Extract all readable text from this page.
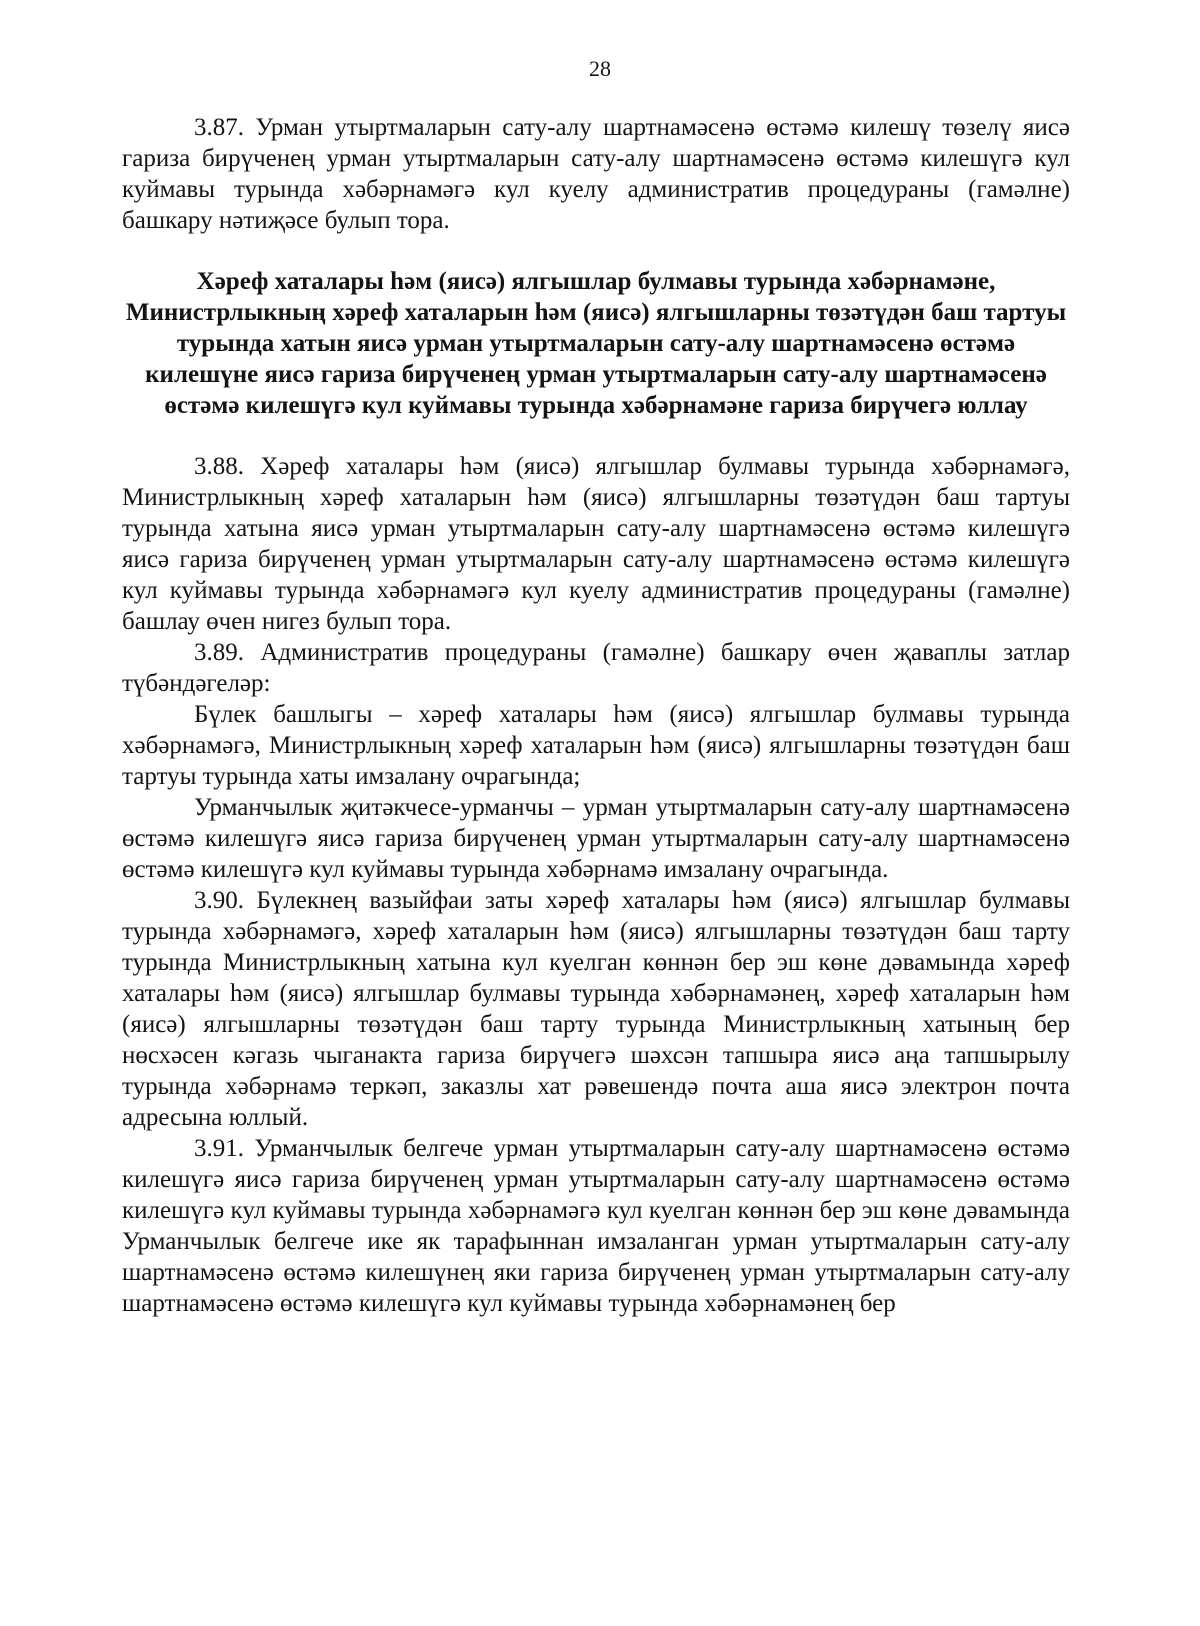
28

3.87. Урман утыртмаларын сату-алу шартнамәсенә өстәмә килешү төзелү яисә гариза бирүченең урман утыртмаларын сату-алу шартнамәсенә өстәмә килешүгә кул куймавы турында хәбәрнамәгә кул куелу административ процедураны (гамәлне) башкару нәтиҗәсе булып тора.

Хәреф хаталары һәм (яисә) ялгышлар булмавы турында хәбәрнамәне, Министрлыкның хәреф хаталарын һәм (яисә) ялгышларны төзәтүдән баш тартуы турында хатын яисә урман утыртмаларын сату-алу шартнамәсенә өстәмә килешүне яисә гариза бирүченең урман утыртмаларын сату-алу шартнамәсенә өстәмә килешүгә кул куймавы турында хәбәрнамәне гариза бирүчегә юллау

3.88. Хәреф хаталары һәм (яисә) ялгышлар булмавы турында хәбәрнамәгә, Министрлыкның хәреф хаталарын һәм (яисә) ялгышларны төзәтүдән баш тартуы турында хатына яисә урман утыртмаларын сату-алу шартнамәсенә өстәмә килешүгә яисә гариза бирүченең урман утыртмаларын сату-алу шартнамәсенә өстәмә килешүгә кул куймавы турында хәбәрнамәгә кул куелу административ процедураны (гамәлне) башлау өчен нигез булып тора.

3.89. Административ процедураны (гамәлне) башкару өчен җаваплы затлар түбәндәгеләр:

Бүлек башлыгы – хәреф хаталары һәм (яисә) ялгышлар булмавы турында хәбәрнамәгә, Министрлыкның хәреф хаталарын һәм (яисә) ялгышларны төзәтүдән баш тартуы турында хаты имзалану очрагында;

Урманчылык җитәкчесе-урманчы – урман утыртмаларын сату-алу шартнамәсенә өстәмә килешүгә яисә гариза бирүченең урман утыртмаларын сату-алу шартнамәсенә өстәмә килешүгә кул куймавы турында хәбәрнамә имзалану очрагында.

3.90. Бүлекнең вазыйфаи заты хәреф хаталары һәм (яисә) ялгышлар булмавы турында хәбәрнамәгә, хәреф хаталарын һәм (яисә) ялгышларны төзәтүдән баш тарту турында Министрлыкның хатына кул куелган көннән бер эш көне дәвамында хәреф хаталары һәм (яисә) ялгышлар булмавы турында хәбәрнамәнең, хәреф хаталарын һәм (яисә) ялгышларны төзәтүдән баш тарту турында Министрлыкның хатының бер нөсхәсен кәгазь чыганакта гариза бирүчегә шәхсән тапшыра яисә аңа тапшырылу турында хәбәрнамә теркәп, заказлы хат рәвешендә почта аша яисә электрон почта адресына юллый.

3.91. Урманчылык белгече урман утыртмаларын сату-алу шартнамәсенә өстәмә килешүгә яисә гариза бирүченең урман утыртмаларын сату-алу шартнамәсенә өстәмә килешүгә кул куймавы турында хәбәрнамәгә кул куелган көннән бер эш көне дәвамында Урманчылык белгече ике як тарафыннан имзаланган урман утыртмаларын сату-алу шартнамәсенә өстәмә килешүнең яки гариза бирүченең урман утыртмаларын сату-алу шартнамәсенә өстәмә килешүгә кул куймавы турында хәбәрнамәнең бер
